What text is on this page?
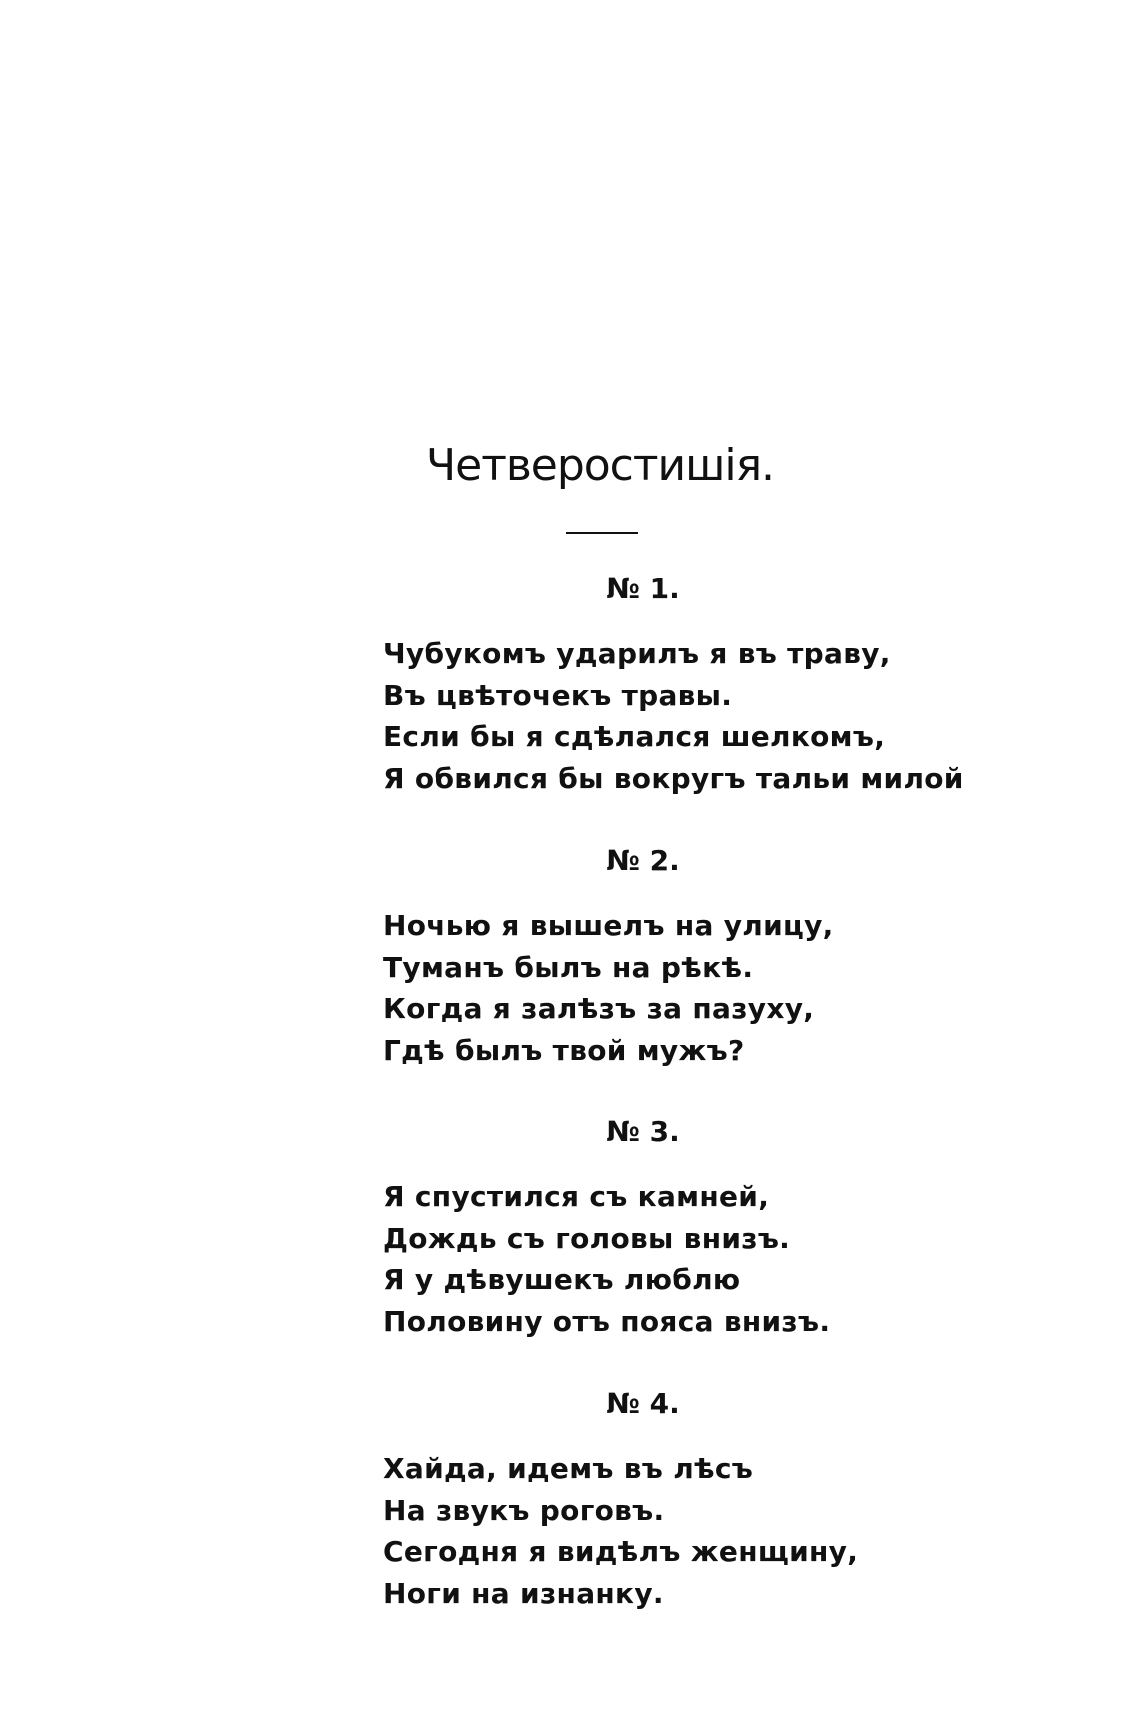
Четверостишія.
№ 1.
Чубукомъ ударилъ я въ траву,
Въ цвѣточекъ травы.
Если бы я сдѣлался шелкомъ,
Я обвился бы вокругъ тальи милой
№ 2.
Ночью я вышелъ на улицу,
Туманъ былъ на рѣкѣ.
Когда я залѣзъ за пазуху,
Гдѣ былъ твой мужъ?
№ 3.
Я спустился съ камней,
Дождь съ головы внизъ.
Я у дѣвушекъ люблю
Половину отъ пояса внизъ.
№ 4.
Хайда, идемъ въ лѣсъ
На звукъ роговъ.
Сегодня я видѣлъ женщину,
Ноги на изнанку.
